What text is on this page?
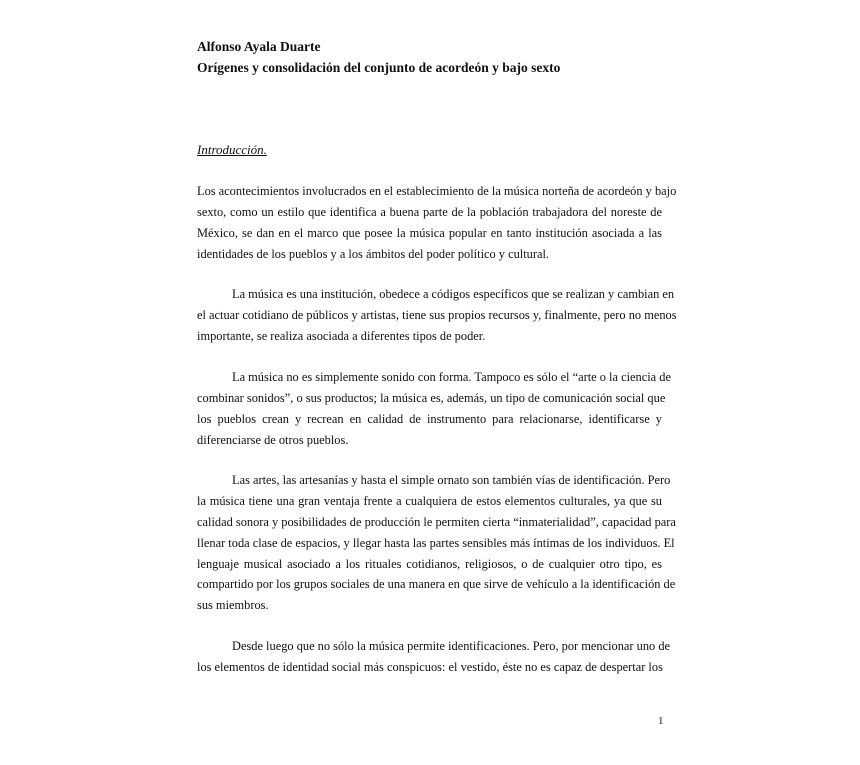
Alfonso Ayala Duarte
Orígenes y consolidación del conjunto de acordeón y bajo sexto
Introducción.
Los acontecimientos involucrados en el establecimiento de la música norteña de acordeón y bajo
sexto, como un estilo que identifica a buena parte de la población trabajadora del noreste de
México, se dan en el marco que posee la música popular en tanto institución asociada a las
identidades de los pueblos y a los ámbitos del poder político y cultural.
La música es una institución, obedece a códigos específicos que se realizan y cambian en
el actuar cotidiano de públicos y artistas, tiene sus propios recursos y, finalmente, pero no menos
importante, se realiza asociada a diferentes tipos de poder.
La música no es simplemente sonido con forma. Tampoco es sólo el “arte o la ciencia de
combinar sonidos”, o sus productos; la música es, además, un tipo de comunicación social que
los pueblos crean y recrean en calidad de instrumento para relacionarse, identificarse y
diferenciarse de otros pueblos.
Las artes, las artesanías y hasta el simple ornato son también vías de identificación. Pero
la música tiene una gran ventaja frente a cualquiera de estos elementos culturales, ya que su
calidad sonora y posibilidades de producción le permiten cierta “inmaterialidad”, capacidad para
llenar toda clase de espacios, y llegar hasta las partes sensibles más íntimas de los individuos. El
lenguaje musical asociado a los rituales cotidianos, religiosos, o de cualquier otro tipo, es
compartido por los grupos sociales de una manera en que sirve de vehículo a la identificación de
sus miembros.
Desde luego que no sólo la música permite identificaciones. Pero, por mencionar uno de
los elementos de identidad social más conspicuos: el vestido, éste no es capaz de despertar los
1
